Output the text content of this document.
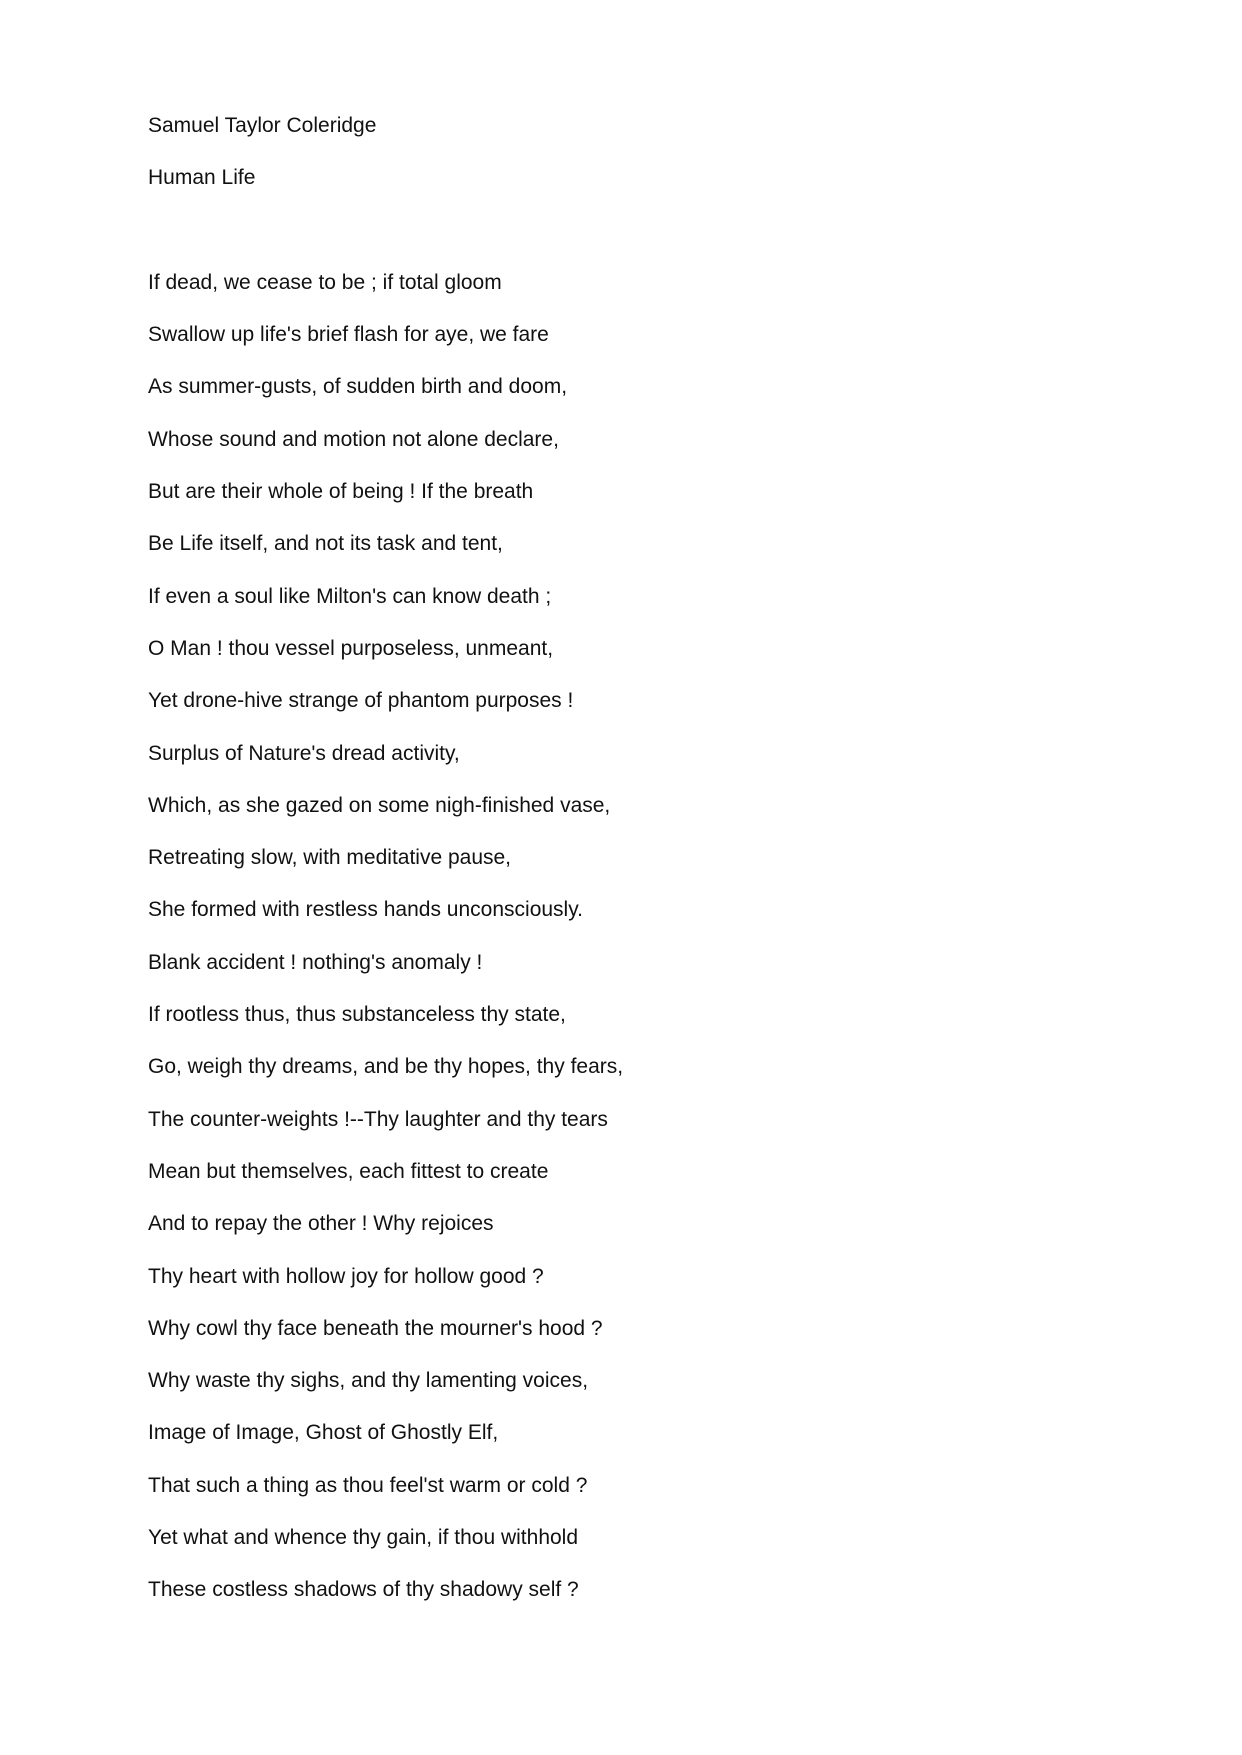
Samuel Taylor Coleridge
Human Life
If dead, we cease to be ; if total gloom
Swallow up life's brief flash for aye, we fare
As summer-gusts, of sudden birth and doom,
Whose sound and motion not alone declare,
But are their whole of being ! If the breath
Be Life itself, and not its task and tent,
If even a soul like Milton's can know death ;
O Man ! thou vessel purposeless, unmeant,
Yet drone-hive strange of phantom purposes !
Surplus of Nature's dread activity,
Which, as she gazed on some nigh-finished vase,
Retreating slow, with meditative pause,
She formed with restless hands unconsciously.
Blank accident ! nothing's anomaly !
If rootless thus, thus substanceless thy state,
Go, weigh thy dreams, and be thy hopes, thy fears,
The counter-weights !--Thy laughter and thy tears
Mean but themselves, each fittest to create
And to repay the other ! Why rejoices
Thy heart with hollow joy for hollow good ?
Why cowl thy face beneath the mourner's hood ?
Why waste thy sighs, and thy lamenting voices,
Image of Image, Ghost of Ghostly Elf,
That such a thing as thou feel'st warm or cold ?
Yet what and whence thy gain, if thou withhold
These costless shadows of thy shadowy self ?
